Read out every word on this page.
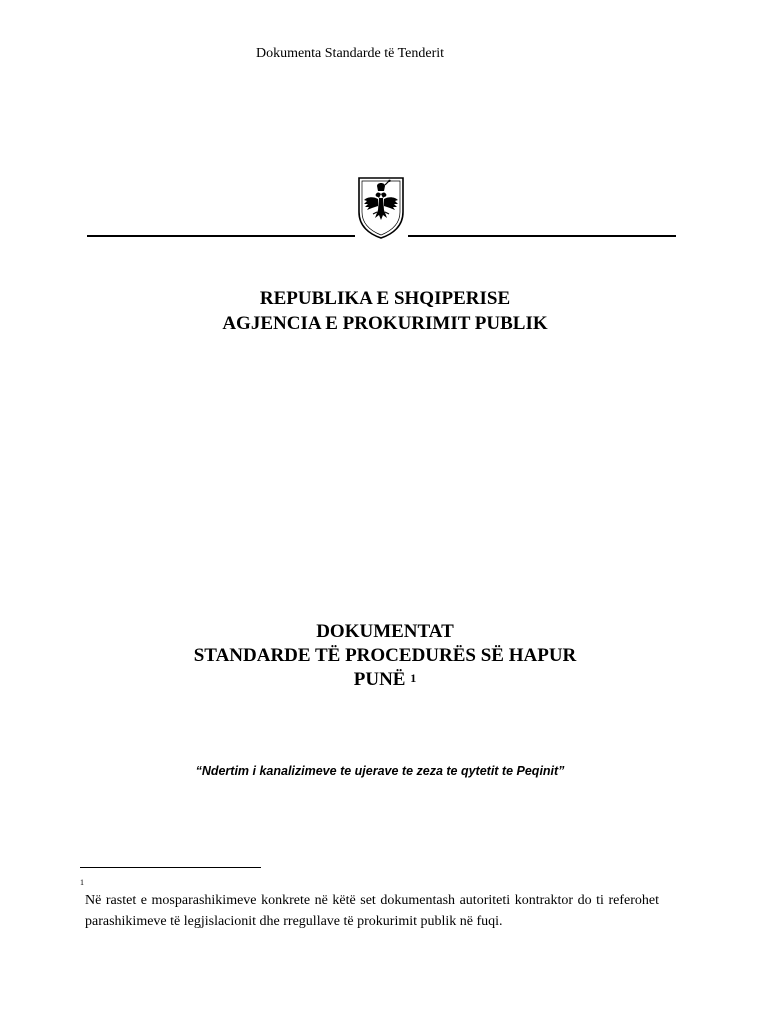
Dokumenta Standarde të Tenderit
REPUBLIKA E SHQIPERISE
AGJENCIA E PROKURIMIT PUBLIK
DOKUMENTAT
STANDARDE TË PROCEDURËS SË HAPUR
PUNË $^1$
“Ndertim i kanalizimeve te ujerave te zeza te qytetit te Peqinit”
1
Në rastet e mosparashikimeve konkrete në këtë set dokumentash autoriteti kontraktor do ti referohet parashikimeve të legjislacionit dhe rregullave të prokurimit publik në fuqi.
